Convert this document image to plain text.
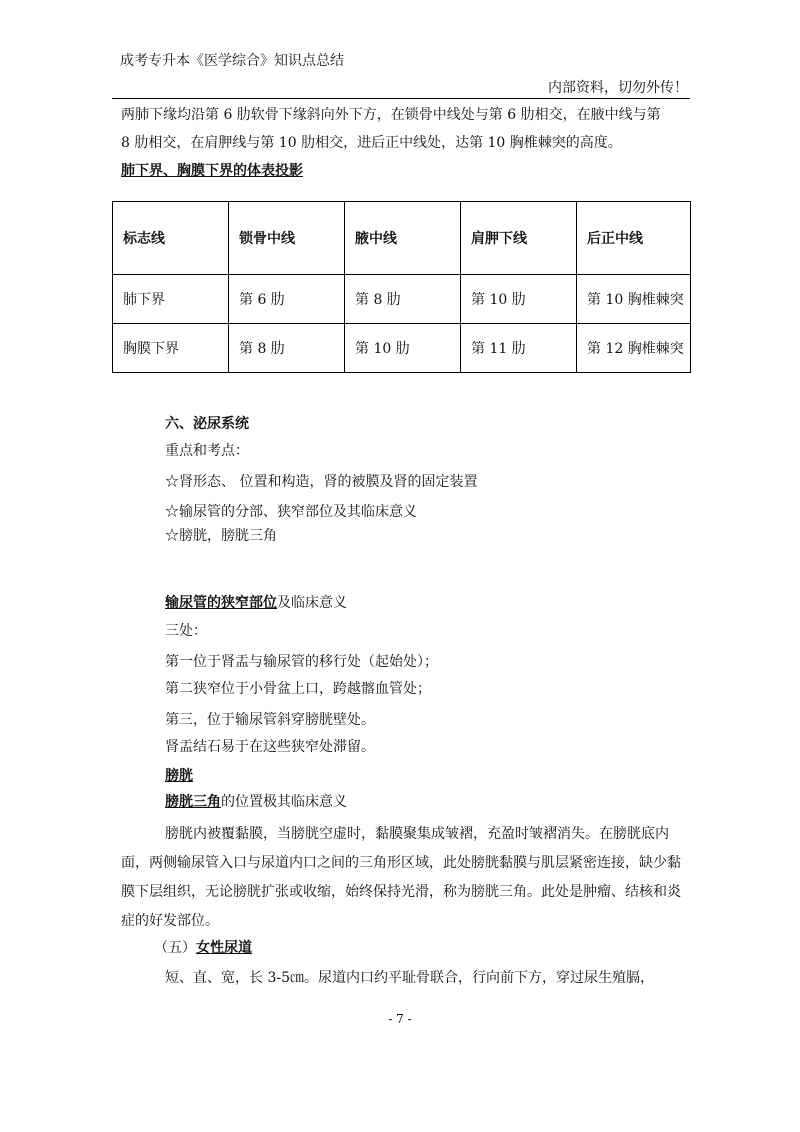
成考专升本《医学综合》知识点总结
内部资料，切勿外传！
两肺下缘均沿第 6 肋软骨下缘斜向外下方，在锁骨中线处与第 6 肋相交，在腋中线与第
8 肋相交，在肩胛线与第 10 肋相交，进后正中线处，达第 10 胸椎棘突的高度。
肺下界、胸膜下界的体表投影
标志线	锁骨中线	腋中线	肩胛下线	后正中线
肺下界	第 6 肋	第 8 肋	第 10 肋	第 10 胸椎棘突
胸膜下界	第 8 肋	第 10 肋	第 11 肋	第 12 胸椎棘突
六、泌尿系统
重点和考点：
☆肾形态、 位置和构造，肾的被膜及肾的固定装置
☆输尿管的分部、狭窄部位及其临床意义
☆膀胱，膀胱三角
输尿管的狭窄部位及临床意义
三处：
第一位于肾盂与输尿管的移行处（起始处）；
第二狭窄位于小骨盆上口，跨越髂血管处；
第三，位于输尿管斜穿膀胱壁处。
肾盂结石易于在这些狭窄处滞留。
膀胱
膀胱三角的位置极其临床意义

膀胱内被覆黏膜，当膀胱空虚时，黏膜聚集成皱褶，充盈时皱褶消失。在膀胱底内面，两侧输尿管入口与尿道内口之间的三角形区域，此处膀胱黏膜与肌层紧密连接，缺少黏膜下层组织，无论膀胱扩张或收缩，始终保持光滑，称为膀胱三角。此处是肿瘤、结核和炎症的好发部位。

（五）女性尿道
短、直、宽，长 3-5㎝。尿道内口约平耻骨联合，行向前下方，穿过尿生殖膈，
- 7 -
